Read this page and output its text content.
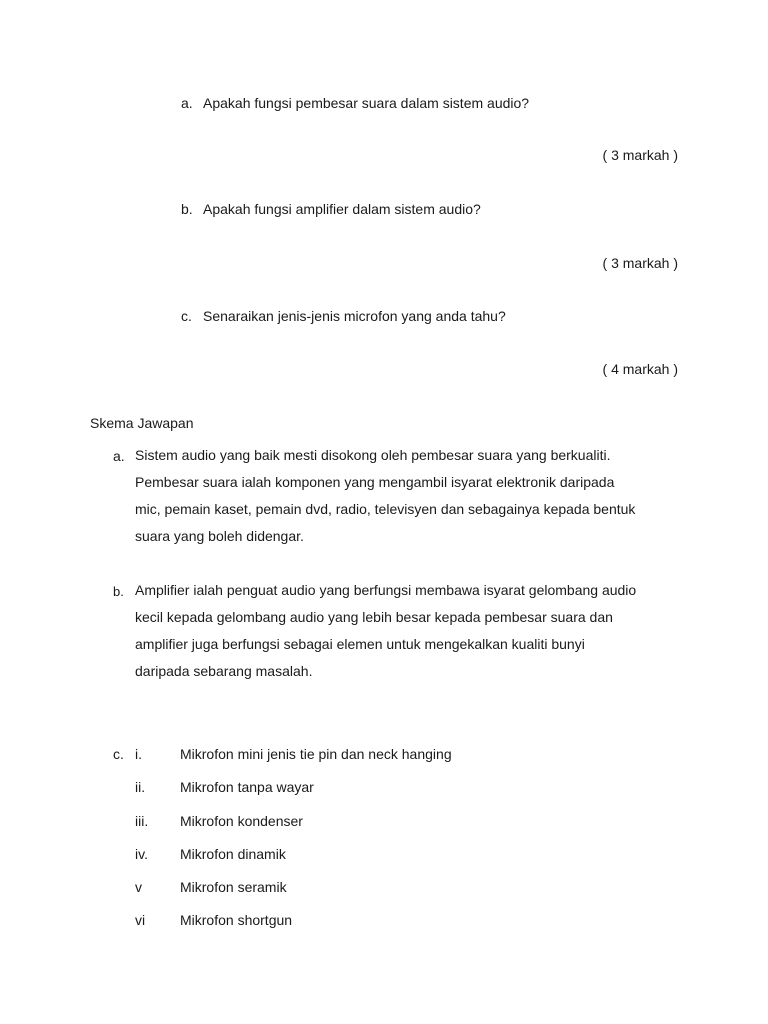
a. Apakah fungsi pembesar suara dalam sistem audio?
( 3 markah )
b. Apakah fungsi amplifier dalam sistem audio?
( 3 markah )
c. Senaraikan jenis-jenis microfon yang anda tahu?
( 4 markah )
Skema Jawapan
a. Sistem audio yang baik mesti disokong oleh pembesar suara yang berkualiti.
Pembesar suara ialah komponen yang mengambil isyarat elektronik daripada
mic, pemain kaset, pemain dvd, radio, televisyen dan sebagainya kepada bentuk
suara yang boleh didengar.
b. Amplifier ialah penguat audio yang berfungsi membawa isyarat gelombang audio
kecil kepada gelombang audio yang lebih besar kepada pembesar suara dan
amplifier juga berfungsi sebagai elemen untuk mengekalkan kualiti bunyi
daripada sebarang masalah.
c. i.	Mikrofon mini jenis tie pin dan neck hanging
ii. Mikrofon tanpa wayar
iii. Mikrofon kondenser
iv. Mikrofon dinamik
v	Mikrofon seramik
vi Mikrofon shortgun
